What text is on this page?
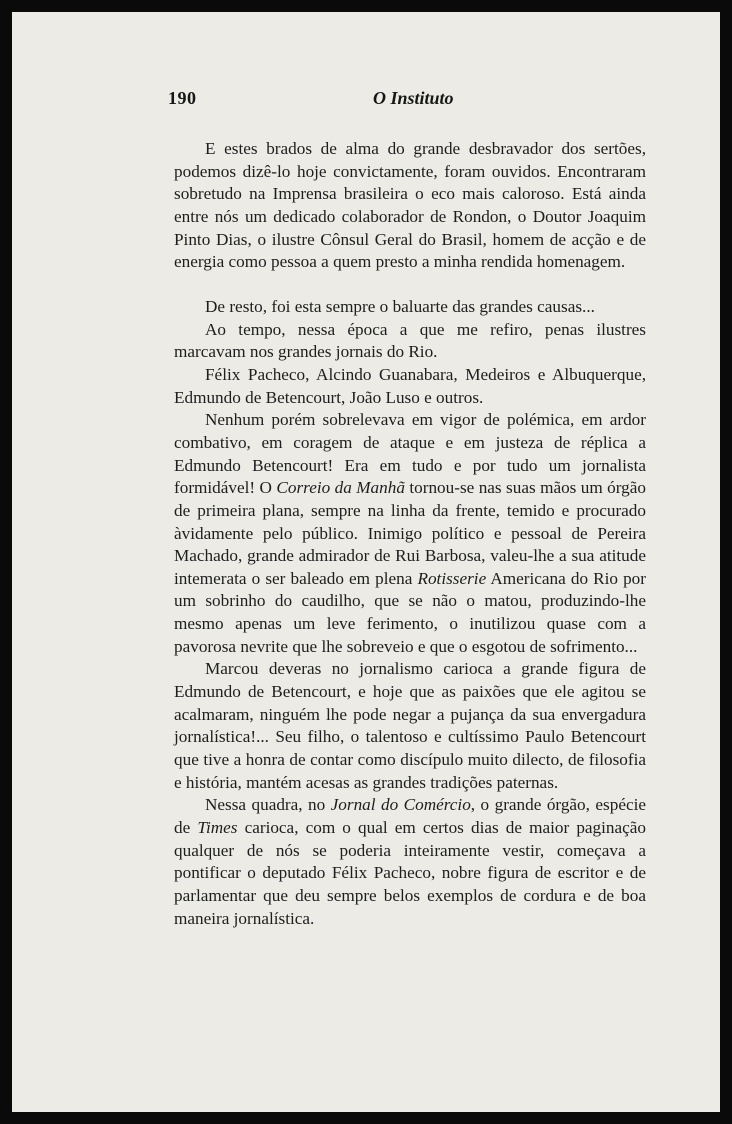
190	O Instituto

E estes brados de alma do grande desbravador dos sertões, podemos dizê-lo hoje convictamente, foram ouvidos. Encontraram sobretudo na Imprensa brasileira o eco mais caloroso. Está ainda entre nós um dedicado colaborador de Rondon, o Doutor Joaquim Pinto Dias, o ilustre Cônsul Geral do Brasil, homem de acção e de energia como pessoa a quem presto a minha rendida homenagem.

De resto, foi esta sempre o baluarte das grandes causas...

Ao tempo, nessa época a que me refiro, penas ilustres marcavam nos grandes jornais do Rio.

Félix Pacheco, Alcindo Guanabara, Medeiros e Albuquerque, Edmundo de Betencourt, João Luso e outros.

Nenhum porém sobrelevava em vigor de polémica, em ardor combativo, em coragem de ataque e em justeza de réplica a Edmundo Betencourt! Era em tudo e por tudo um jornalista formidável! O Correio da Manhã tornou-se nas suas mãos um órgão de primeira plana, sempre na linha da frente, temido e procurado àvidamente pelo público. Inimigo político e pessoal de Pereira Machado, grande admirador de Rui Barbosa, valeu-lhe a sua atitude intemerata o ser baleado em plena Rotisserie Americana do Rio por um sobrinho do caudilho, que se não o matou, produzindo-lhe mesmo apenas um leve ferimento, o inutilizou quase com a pavorosa nevrite que lhe sobreveio e que o esgotou de sofrimento...

Marcou deveras no jornalismo carioca a grande figura de Edmundo de Betencourt, e hoje que as paixões que ele agitou se acalmaram, ninguém lhe pode negar a pujança da sua envergadura jornalística!... Seu filho, o talentoso e cultíssimo Paulo Betencourt que tive a honra de contar como discípulo muito dilecto, de filosofia e história, mantém acesas as grandes tradições paternas.

Nessa quadra, no Jornal do Comércio, o grande órgão, espécie de Times carioca, com o qual em certos dias de maior paginação qualquer de nós se poderia inteiramente vestir, começava a pontificar o deputado Félix Pacheco, nobre figura de escritor e de parlamentar que deu sempre belos exemplos de cordura e de boa maneira jornalística.
